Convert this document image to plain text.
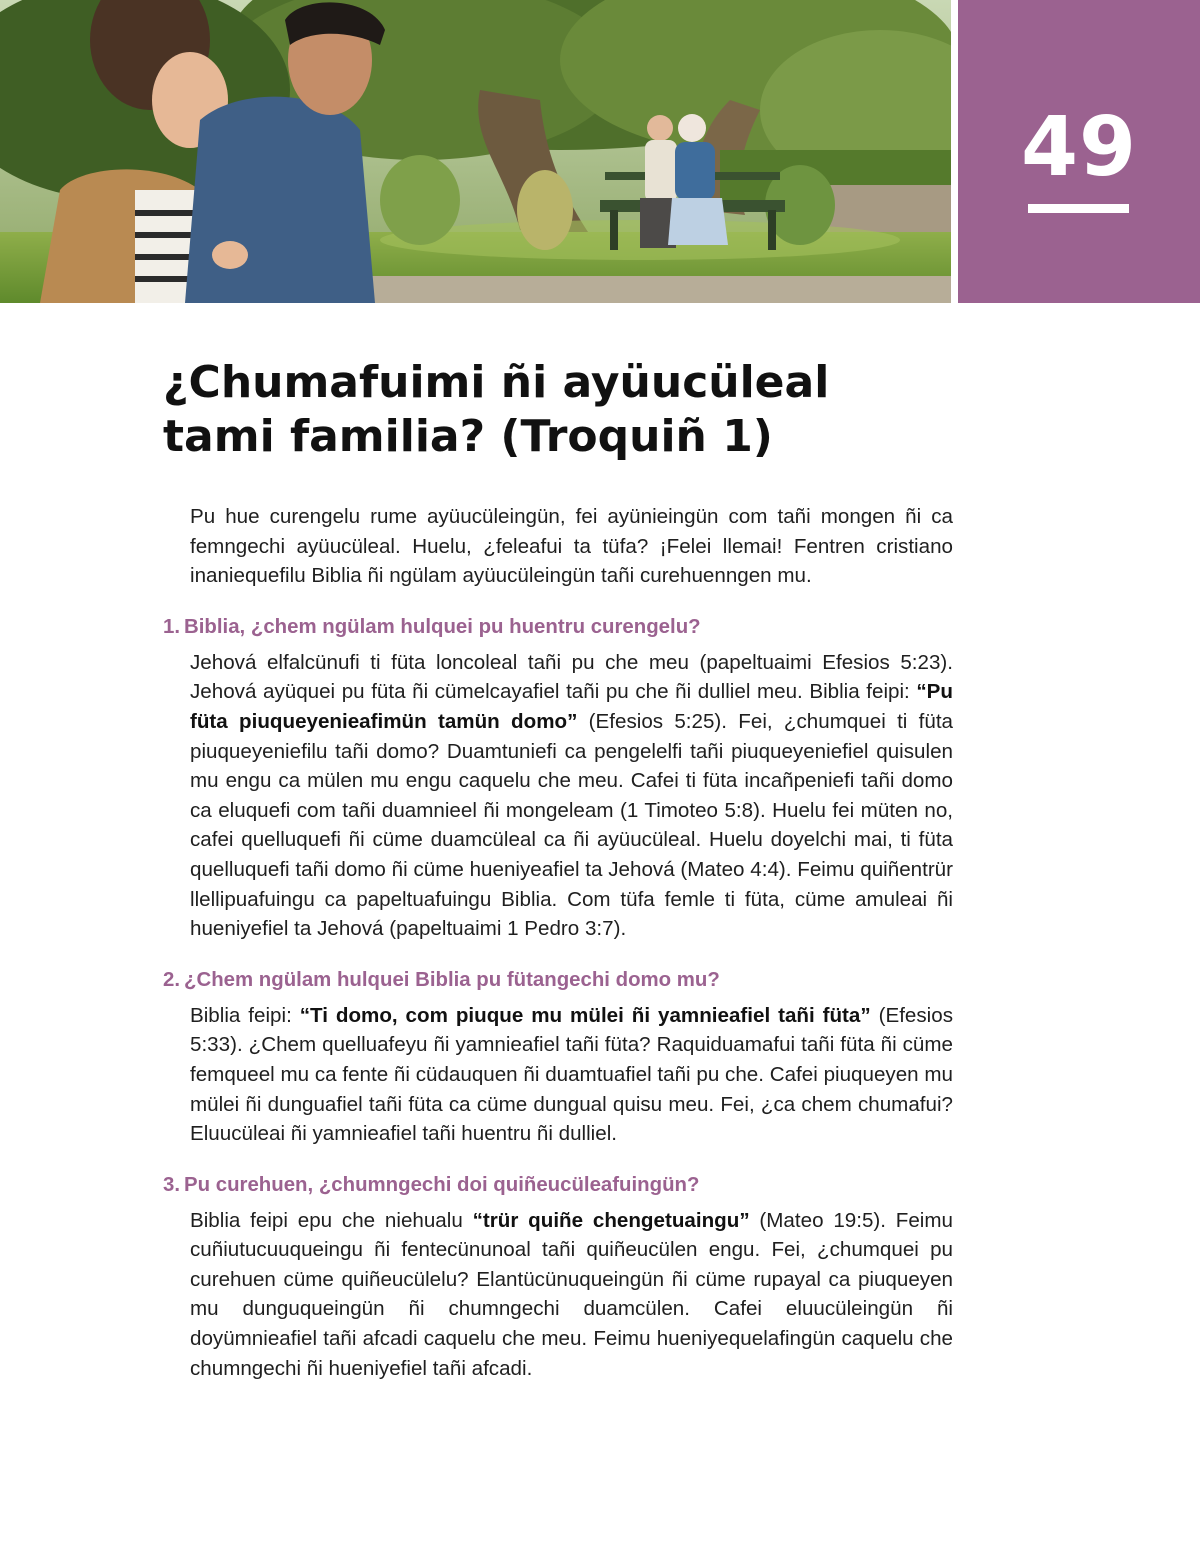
49
¿Chumafuimi ñi ayüucüleal
tami familia? (Troquiñ 1)

Pu hue curengelu rume ayüucüleingün, fei ayünieingün com tañi mongen ñi ca femngechi ayüucüleal. Huelu, ¿feleafui ta tüfa? ¡Felei llemai! Fentren cristiano inaniequefilu Biblia ñi ngülam ayüucüleingün tañi curehuenngen mu.

1. Biblia, ¿chem ngülam hulquei pu huentru curengelu?

Jehová elfalcünufi ti füta loncoleal tañi pu che meu (papeltuaimi Efesios 5:23). Jehová ayüquei pu füta ñi cümelcayafiel tañi pu che ñi dulliel meu. Biblia feipi: “Pu füta piuqueyenieafimün tamün domo” (Efesios 5:25). Fei, ¿chumquei ti füta piuqueyeniefilu tañi domo? Duamtuniefi ca pengelelfi tañi piuqueyeniefiel quisulen mu engu ca mülen mu engu caquelu che meu. Cafei ti füta incañpeniefi tañi domo ca eluquefi com tañi duamnieel ñi mongeleam (1 Timoteo 5:8). Huelu fei müten no, cafei quelluquefi ñi cüme duamcüleal ca ñi ayüucüleal. Huelu doyelchi mai, ti füta quelluquefi tañi domo ñi cüme hueniyeafiel ta Jehová (Mateo 4:4). Feimu quiñentrür llellipuafuingu ca papeltuafuingu Biblia. Com tüfa femle ti füta, cüme amuleai ñi hueniyefiel ta Jehová (papeltuaimi 1 Pedro 3:7).

2. ¿Chem ngülam hulquei Biblia pu fütangechi domo mu?

Biblia feipi: “Ti domo, com piuque mu mülei ñi yamnieafiel tañi füta” (Efesios 5:33). ¿Chem quelluafeyu ñi yamnieafiel tañi füta? Raquiduamafui tañi füta ñi cüme femqueel mu ca fente ñi cüdauquen ñi duamtuafiel tañi pu che. Cafei piuqueyen mu mülei ñi dunguafiel tañi füta ca cüme dungual quisu meu. Fei, ¿ca chem chumafui? Eluucüleai ñi yamnieafiel tañi huentru ñi dulliel.

3. Pu curehuen, ¿chumngechi doi quiñeucüleafuingün?

Biblia feipi epu che niehualu “trür quiñe chengetuaingu” (Mateo 19:5). Feimu cuñiutucuuqueingu ñi fentecünunoal tañi quiñeucülen engu. Fei, ¿chumquei pu curehuen cüme quiñeucülelu? Elantücünuqueingün ñi cüme rupayal ca piuqueyen mu dunguqueingün ñi chumngechi duamcülen. Cafei eluucüleingün ñi doyümnieafiel tañi afcadi caquelu che meu. Feimu hueniyequelafingün caquelu che chumngechi ñi hueniyefiel tañi afcadi.
